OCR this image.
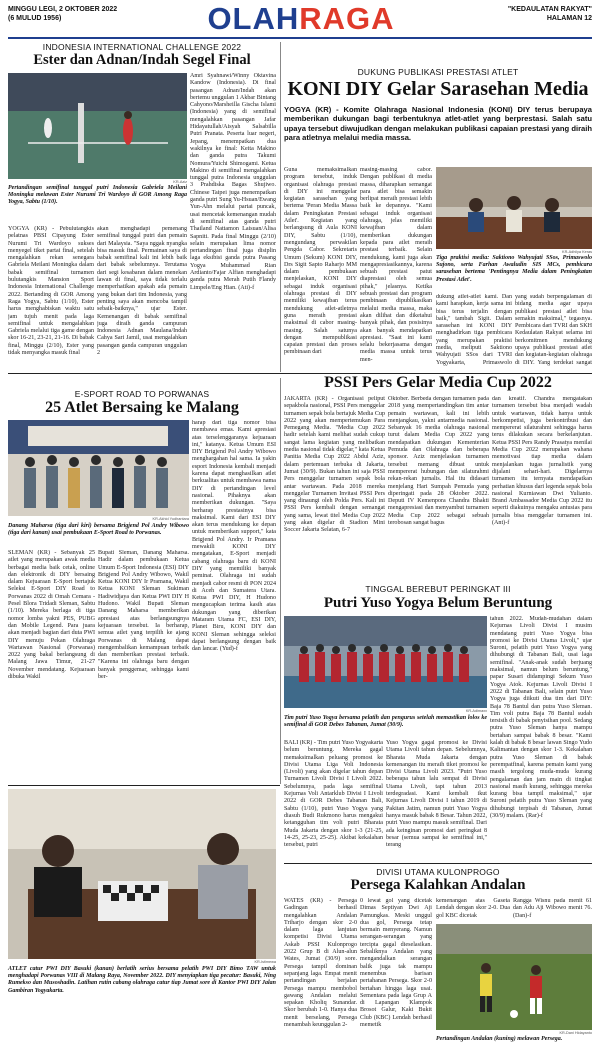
MINGGU LEGI, 2 OKTOBER 2022
(6 MULUD 1956)	OLAHRAGA	"KEDAULATAN RAKYAT"
HALAMAN 12
INDONESIA INTERNATIONAL CHALLENGE 2022
Ester dan Adnan/Indah Segel Final
KR-Aziz
Pertandingan semifinal tunggal putri Indonesia Gabriela Meilani Moningka melawan Ester Nurumi Tri Wardoyo di GOR Among Raga Yogya, Sabtu (1/10).
YOGYA (KR) - Pebulutangkis pelatnas PBSI Cipayung Ester Nurumi Tri Wardoyo sukses menyegel tiket partai final, setelah mengalahkan rekan senegara Gabriela Meilani Moningka dalam babak semifinal turnamen bulutangkis Mansion Sport Indonesia International Challenge 2022. Bertanding di GOR Among Raga Yogya, Sabtu (1/10), Ester harus menghabiskan waktu satu jam tujuh menit pada laga semifinal untuk mengalahkan Gabriela melalui tiga game dengan skor 16-21, 23-21, 21-16. Di babak final, Minggu (2/10), Ester yang tidak menyangka masuk final
akan menghadapi pemenang semifinal tunggal putri dan pemain dari Malaysia. "Saya nggak nyangka bisa masuk final. Permainan saya di babak semifinal kali ini lebih baik dari babak sebelumnya. Terutama dari segi kesabaran dalam menekan lawan di final, saya tidak terlalu memperhatikan apakah ada pemain yang bukan dari tim Indonesia, yang penting saya akan mencoba tampil sebaik-baiknya," ujar Ester. Kemenangan di babak semifinal juga diraih ganda campuran Indonesia Adnan Maulana/Indah Cahya Sari Jamil, usai mengalahkan pasangan ganda campuran unggulan 2
Amri Syahnawi/Winny Oktavina Kandow (Indonesia). Di final pasangan Adnan/Indah akan bertemu unggulan 1 Akbar Bintang Cahyono/Marsheilla Gischa Islami (Indonesia) yang di semifinal mengalahkan pasangan Jafar Hidayatullah/Aisyah Salsabilla Putri Pranata. Peserta luar negeri, Jepang, menempatkan dua wakilnya ke final: Keita Makino dan ganda putra Takumi Nomura/Yuichi Shimogami. Ketua Makino di semifinal mengalahkan tunggal putra Indonesia unggulan 3 Prahdiska Bagas Shujiwo. Chinese Taipei juga menempatkan ganda putri Sung Yu-Hsuan/Ewang Yun-Ahn melalui partai puncak, usai mencetak kemenangan mudah di semifinal atas ganda putri Thailand Nattamon Laisuan/Alisa Sapniti. Pada final Minggu (2/10) selain merupakan lima nomor pertandingan final juga disiplin laga eksibisi ganda putra Pasang Yogya Muhammad Rian Ardianto/Fajar Alfian menghadapi ganda putra Merah Putih Flandy Limpele/Eng Hian. (Ati)-f
DUKUNG PUBLIKASI PRESTASI ATLET
KONI DIY Gelar Sarasehan Media
YOGYA (KR) - Komite Olahraga Nasional Indonesia (KONI) DIY terus berupaya memberikan dukungan bagi terbentuknya atlet-atlet yang berprestasi. Salah satu upaya tersebut diwujudkan dengan melakukan publikasi capaian prestasi yang diraih para atletnya melalui media massa.
Guna memaksimalkan program tersebut, induk organisasi olahraga prestasi di DIY ini menggelar kegiatan sarasehan yang bertema 'Peran Media Massa dalam Peningkatan Prestasi Atlet'. Kegiatan yang berlangsung di Aula KONI DIY, Sabtu (1/10), mengundang perwakilan Pengda Cabor. Sekretaris Umum (Sekum) KONI DIY, Drs Sigit Sapto Raharjo MM dalam pembukaan menjelaskan, KONI DIY sebagai induk organisasi olahraga prestasi di DIY memiliki kewajiban terus mendukung atlet-atletnya guna meraih prestasi maksimal di cabor masing-masing. Salah satunya dengan mempublikasi capaian prestasi dan proses pembinaan dari
masing-masing cabor. Dengan publikasi di media massa, diharapkan semangat para atlet bisa semakin berlipat meraih prestasi lebih baik ke depannya. "Kami sebagai induk organisasi olahraga, jelas memiliki kewajiban dalam memberikan dukungan kepada para atlet meraih prestasi terbaik. Selain mendukung, kami juga akan mengapresiasikannya, karena sebuah prestasi patut diapresiasi oleh semua pihak," jelasnya. Ketika sebuah prestasi dan program pembinaan dipublikasikan melalui media massa, maka akan dilihat dan diketahui banyak pihak, dan posisinya akan banyak mendapatkan apresiasi. "Saat ini kami selalu bekerjasama dengan media massa untuk terus men-
KR-Adhilya Keras
Tiga praktisi media: Saktiono Wahyujati SSos, Primaswolo Sujono, serta Farhan Awaludin SIS MCs, pembicara sarasehan bertema 'Pentingnya Media dalam Peningkatan Prestasi Atlet'.
dukung atlet-atlet kami. Dan kami harapkan, kerja sama ini bisa terus terjalin dengan baik," tambah Sigit. Dalam sarasehan ini KONI DIY menghadirkan tiga pembicara yang merupakan praktisi media, meliputi Saktiono Wahyujati SSos dari TVRI Yogyakarta, Primaswolo
yang sudah berpengalaman di bidang media agar upaya publikasi prestasi atlet bisa semakin maksimal," tegasnya. Pembicara dari TVRI dan SKH Kedaulatan Rakyat selama ini berkomitmen mendukung upaya publikasi prestasi atlet dan kegiatan-kegiatan olahraga di DIY. Yang terdekat sangat
PSSI Pers Gelar Media Cup 2022
JAKARTA (KR) - Organisasi peliput sepakbola nasional, PSSI Pers menggelar turnamen sepak bola bertajuk Media Cup 2022 yang akan mempertemukan Para Pemegang Media. "Media Cup 2022 hadir setelah kami melihat sudah cukup sangat lama kegiatan yang melibatkan media nasional tidak digelar," kata Ketua Panitia Media Cup 2022 Abdul Aziz, dalam pertemuan terbuka di Jakarta, Jumat (30/9). Bukan tahun ini saja PSSI Pers menggelar turnamen sepak bola antar wartawan. Pada 2018 mereka menggelar Turnamen Invitasi PSSI Pers yang dinaungi oleh Polda Pers. Kali ini PSSI Pers kembali dengan semangat yang sama, lewat titel Media Cup 2022 yang akan digelar di Stadion Mini Soccer Jakarta Selatan, 6-7
Oktober. Berbeda dengan turnamen pada 2018 yang mempertandingkan tim antar pemain wartawan, kali ini lebih menjangkau, yakni antarmedia nasional. Sebanyak 16 media olahraga nasional turut dalam Media Cup 2022 yang mendapatkan dukungan Kementerian Pemuda dan Olahraga dan beberapa sponsor. Aziz menjelaskan turnamen tersebut memang dibuat untuk mempererat hubungan dan silaturahmi rekan-rekan jurnalis. Hal itu didasari menjelang Hari Sumpah Pemuda yang diperingati pada 28 Oktober 2022. Deputi IV Kemenpora Chandra Bhakti mengapresiasi dan menyambut turnamen Media Cup 2022 sebagai sebuah terobosan sangat bagus
dan kreatif. Chandra mengatakan turnamen tersebut bisa menjadi wadah untuk wartawan, tidak hanya untuk berkompetisi, juga berkontribusi dan mempererat silaturahmi sehingga harus terus dilakukan secara berkelanjutan. Ketua PSSI Pers Randy Prasatya menilai Media Cup 2022 merupakan wahana memotivasi tiap media dalam menjalankan tugas jurnalistik yang dijalani sehari-hari. Digelarnya turnamen itu ternyata mendapatkan perhatian khusus dari legenda sepak bola nasional Kurniawan Dwi Yulianto. Brand Ambassador Media Cup 2022 itu seperti diakuinya mengaku antusias para jurnalis bisa menggelar turnamen ini. (Ant)-f
E-SPORT ROAD TO PORWANAS
25 Atlet Bersaing ke Malang
KR-Akhid Yudhantara
Danang Maharsa (tiga dari kiri) bersama Brigjend Pol Andry Wibowo (tiga dari kanan) usai pembukaan E-Sport Road to Porwanas.
SLEMAN (KR) - Sebanyak 25 atlet yang merupakan awak media berbagai media baik cetak, online dan elektronik di DIY bersaing dalam Kejuaraan E-Sport bertajuk Seleksi E-Sport DIY Road to Porwanas 2022 di Omah Cemara - Pesel Blora Tridadi Sleman, Sabtu (1/10). Mereka berlaga di tiga nomor lomba yakni PES, PUBG dan Mobile Legend. Para juara akan menjadi bagian dari duta PWI DIY menuju Pekan Olahraga Wartawan Nasional (Porwanas) 2022 yang bakal berlangsung di Malang Jawa Timur, 21-27 November mendatang. Kejuaraan dibuka Wakil
Bupati Sleman, Danang Maharsa. Hadir dalam pembukaan Ketua Umum E-Sport Indonesia (ESI) DIY Brigjend Pol Andry Wibowo, Wakil Ketua KONI DIY Ir Pramana, Wakil Ketua KONI Sleman Sukiman Hadiwidjaya dan Ketua PWI DIY H Hudono. Wakil Bupati Sleman Danang Maharsa memberikan apresiasi atas berlangsungnya kejuaraan tersebut. Ia berharap, semua atlet yang terpilih ke ajang Porwanas di Malang dapat mengembalikan kemampuan terbaik dan memberikan prestasi terbaik. "Karena ini olahraga baru dengan banyak penggemar, sehingga kami ber-
harap dari tiga nomor bisa membawa emas. Kami apresiasi atas terselenggaranya kejuaraan ini," katanya. Ketua Umum ESI DIY Brigjend Pol Andry Wibowo menghargahan hal sama. Ia yakin esport Indonesia kembali menjadi karena dapat menghasilkan atlet berkualitas untuk membawa nama DIY di pertandingan level nasional. Pihaknya akan memberikan dukungan. "Saya berharap prestasinya bisa maksimal. Kami dari ESI DIY akan terus mendukung ke depan untuk memberikan support," kata Brigjend Pol Andry. Ir Pramana mewakili KONI DIY mengatakan, E-Sport menjadi cabang olahraga baru di KONI DIY yang memiliki banyak peminat. Olahraga ini sudah menjadi cabor resmi di PON 2024 di Aceh dan Sumatera Utara. Ketua PWI DIY, H Hudono mengucapkan terima kasih atas dukungan yang diberikan Mataram Utama FC, ESI DIY, Planet Biru, KONI DIY dan KONI Sleman sehingga seleksi dapat berlangsung dengan baik dan lancar. (Yud)-f
TINGGAL BEREBUT PERINGKAT III
Putri Yuso Yogya Belum Beruntung
KR-Adimaxx
Tim putri Yuso Yogya bersama pelatih dan pengurus setelah memastikan lolos ke semifinal di GOR Debes Tabanan, Jumat (30/9).
BALI (KR) - Tim putri Yuso Yogyakarta belum beruntung. Mereka gagal memaksimalkan peluang promosi ke Divisi Utama Liga Voli Indonesia (Livoli) yang akan digelar tahun depan Turnamen Livoli Divisi I Livoli 2022. Sebelumnya, pada laga semifinal Kejurnas Voli Antarklub Divisi I Livoli 2022 di GOR Debes Tabanan Bali, Sabtu (1/10), putri Yuso Yogya yang diasuh Budi Rukmono harus mengakui ketangguhan tim voli putri Bharata Muda Jakarta dengan skor 1-3 (21-25, 14-25, 25-23, 25-25). Akibat kekalahan tersebut, putri
Yuso Yogya gagal promosi ke Divisi Utama Livoli tahun depan. Sebelumnya, Bharata Muda Jakarta dengan kemenangan itu meraih tiket promosi ke Divisi Utama Livoli 2023. "Putri Yuso beberapa tahun lalu sempat di Divisi Utama Livoli, tapi tahun 2013 terdegradasi. Kami kembali ikut Kejurnas Livoli Divisi I tahun 2019 di Pakitan Jatim, namun putri Yuso Yogya hanya masuk babak 8 Besar. Tahun 2022, putri Yuso mampu masuk semifinal. Dari ada keinginan promosi dari peringkat 8 besar (semua sampai ke semifinal ini," terang
tahun 2022. Mudah-mudahan dalam Kejurnas Livoli Divisi I musim mendatang putri Yuso Yogya bisa promosi ke Divisi Utama Livoli," ujar Suroni, pelatih putri Yuso Yogya yang dihubungi di Tabanan Bali, usai laga semifinal. "Anak-anak sudah berjuang maksimal, namun belum beruntung," papar Susari didampingi Sekum Yuso Yogya Atok. Kejurnas Livoli Divisi I 2022 di Tabanan Bali, selain putri Yuso Yogya juga diikuti dua tim dari DIY: Baja 78 Bantul dan putra Yuso Sleman. Tim voli putra Baja 78 Bantul sudah tersisih di babak penyisihan pool. Sedang putra Yuso Sleman hanya mampu bertahan sampai babak 8 besar. "Kami kalah di babak 8 besar lawan Singo Yudo Kalimantan dengan skor 1-3. Kekalahan putra Yuso Sleman di babak perempatfinal, karena pemain kami yang masih tergolong muda-muda kurang pengalaman dan jam main di tingkat nasional masih kurang, sehingga mereka kurang bisa tampil maksimal," ujar Suroni pelatih putra Yuso Sleman yang dihubungi terpisah di Tabanan, Jumat (30/9) malam. (Rar)-f
KR-Istimewa
ATLET catur PWI DIY Basuki (kanan) berlatih serius bersama pelatih PWI DIY Bimo TAW untuk menghadapi Porwanas VIII di Malang Raya, November 2022. DIY menyiapkan tiga pecatur: Basuki, Ning Rumekso dan Musoshadin. Latihan rutin cabang olahraga catur tiap Jumat sore di Kantor PWI DIY Jalan Gambiran Yogyakarta.
DIVISI UTAMA KULONPROGO
Persega Kalahkan Andalan
WATES (KR) - Persega Gadingan berhasil mengalahkan Andalan Triharjo dengan skor 2-0 dalam laga lanjutan kompetisi Divisi Utama Askab PSSI Kulonprogo 2022 Grup B di Alun-alun Wates, Jumat (30/9) sore. Persega tampil dominan sepanjang laga. Empat menit pertandingan berjalan Persega mampu membobol gawang Andalan melalui sepakan Kholiq Sunandar. Skor berubah 1-0. Hanya dua menit berselang, Persega menambah keunggulan 2-
0 lewat gol yang dicetak Dimas Septiyan Dwi Aji Pamungkas. Meski unggul dua gol, Persega tetap bermain menyerang. Namun serangan-serangan yang tercipta gagal dieselasikan. Sebaliknya Andalan yang mengandalkan serangan balik juga tak mampu menembus barisan pertahanan Persega. Skor 2-0 bertahan hingga laga usai. Sementara pada laga Grup A di Lapangan Klampok Brosot Galur, Kaki Bukit Club (KBC) Lendah berhasil memetik
kemenangan atas Gaseta Lendah dengan skor 2-0. Dua gol KBC dicetak
Rangga Wisnu pada menit 61 dan Adu Aji Wibowo menit 76. (Dan)-f
KR-Dani Hidayanto
Pertandingan Andalan (kuning) melawan Persega.
